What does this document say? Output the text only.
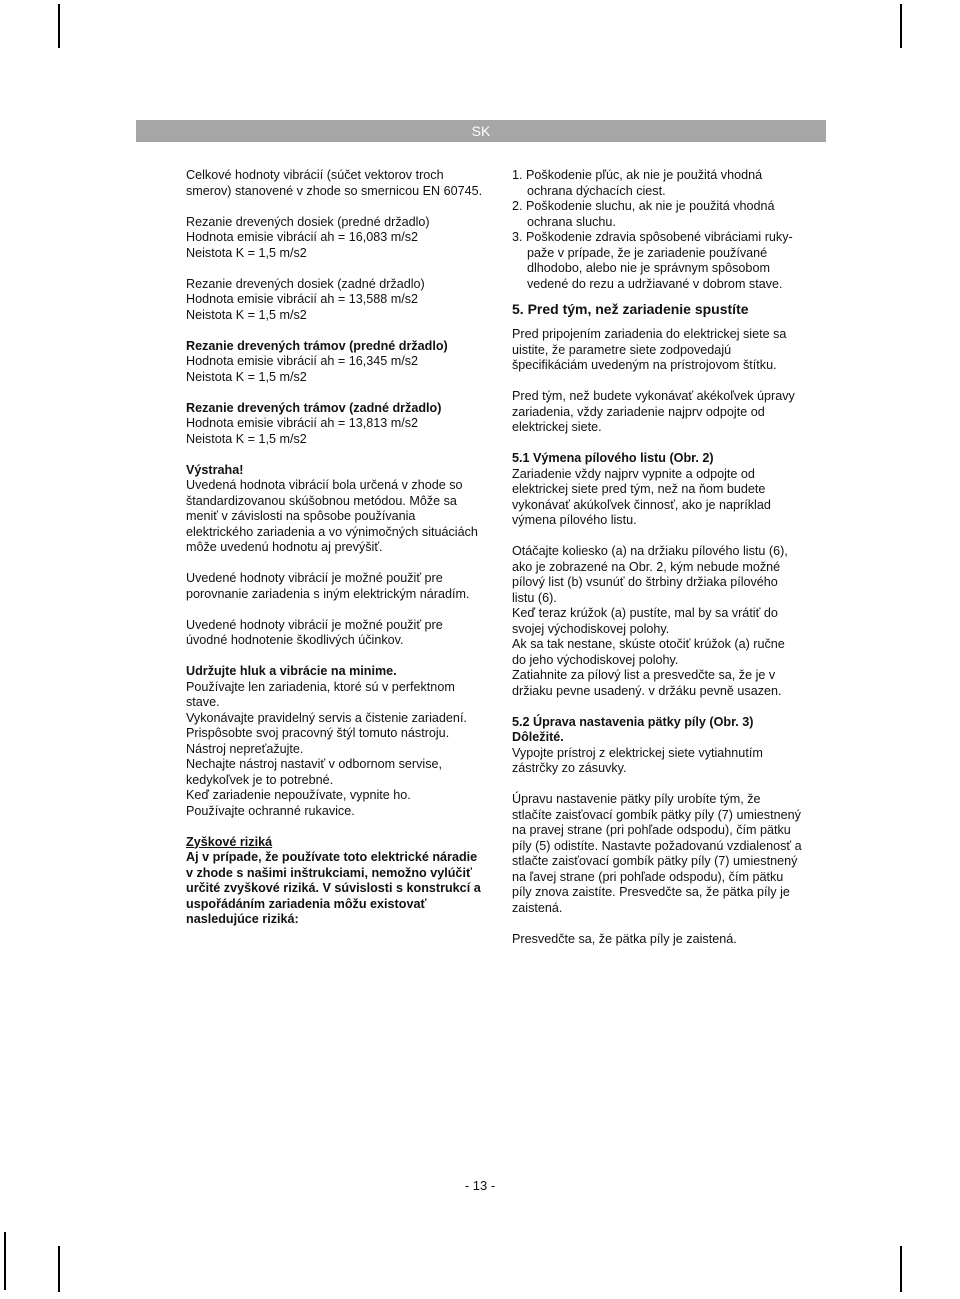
SK

Celkové hodnoty vibrácií (súčet vektorov troch smerov) stanovené v zhode so smernicou EN 60745.

Rezanie drevených dosiek (predné držadlo)

Hodnota emisie vibrácií ah = 16,083 m/s2

Neistota K = 1,5 m/s2

Rezanie drevených dosiek (zadné držadlo)

Hodnota emisie vibrácií ah = 13,588 m/s2

Neistota K = 1,5 m/s2

Rezanie drevených trámov (predné držadlo)

Hodnota emisie vibrácií ah = 16,345 m/s2

Neistota K = 1,5 m/s2

Rezanie drevených trámov (zadné držadlo)

Hodnota emisie vibrácií ah = 13,813 m/s2

Neistota K = 1,5 m/s2

Výstraha!

Uvedená hodnota vibrácií bola určená v zhode so štandardizovanou skúšobnou metódou. Môže sa meniť v závislosti na spôsobe používania elektrického zariadenia a vo výnimočných situáciách môže uvedenú hodnotu aj prevýšiť.

Uvedené hodnoty vibrácií je možné použiť pre porovnanie zariadenia s iným elektrickým náradím.

Uvedené hodnoty vibrácií je možné použiť pre úvodné hodnotenie škodlivých účinkov.

Udržujte hluk a vibrácie na minime.

Používajte len zariadenia, ktoré sú v perfektnom stave.

Vykonávajte pravidelný servis a čistenie zariadení.

Prispôsobte svoj pracovný štýl tomuto nástroju.

Nástroj nepreťažujte.

Nechajte nástroj nastaviť v odbornom servise, kedykoľvek je to potrebné.

Keď zariadenie nepoužívate, vypnite ho.

Používajte ochranné rukavice.

Zyškové riziká

Aj v prípade, že používate toto elektrické náradie v zhode s našimi inštrukciami, nemožno vylúčiť určité zvyškové riziká. V súvislosti s konstrukcí a uspořádáním zariadenia môžu existovať nasledujúce riziká:

1. Poškodenie pľúc, ak nie je použitá vhodná ochrana dýchacích ciest.
2. Poškodenie sluchu, ak nie je použitá vhodná ochrana sluchu.
3. Poškodenie zdravia spôsobené vibráciami ruky-paže v prípade, že je zariadenie používané dlhodobo, alebo nie je správnym spôsobom vedené do rezu a udržiavané v dobrom stave.

5. Pred tým, než zariadenie spustíte

Pred pripojením zariadenia do elektrickej siete sa uistite, že parametre siete zodpovedajú špecifikáciám uvedeným na prístrojovom štítku.

Pred tým, než budete vykonávať akékoľvek úpravy zariadenia, vždy zariadenie najprv odpojte od elektrickej siete.

5.1 Výmena pílového listu (Obr. 2)

Zariadenie vždy najprv vypnite a odpojte od elektrickej siete pred tým, než na ňom budete vykonávať akúkoľvek činnosť, ako je napríklad výmena pílového listu.

Otáčajte koliesko (a) na držiaku pílového listu (6), ako je zobrazené na Obr. 2, kým nebude možné pílový list (b) vsunúť do štrbiny držiaka pílového listu (6).

Keď teraz krúžok (a) pustíte, mal by sa vrátiť do svojej východiskovej polohy.

Ak sa tak nestane, skúste otočiť krúžok (a) ručne do jeho východiskovej polohy.

Zatiahnite za pílový list a presvedčte sa, že je v držiaku pevne usadený. v držáku pevně usazen.

5.2 Úprava nastavenia pätky píly (Obr. 3)

Dôležité.

Vypojte prístroj z elektrickej siete vytiahnutím zástrčky zo zásuvky.

Úpravu nastavenie pätky píly urobíte tým, že stlačíte zaisťovací gombík pätky píly (7) umiestnený na pravej strane (pri pohľade odspodu), čím pätku píly (5) odistíte. Nastavte požadovanú vzdialenosť a stlačte zaisťovací gombík pätky píly (7) umiestnený na ľavej strane (pri pohľade odspodu), čím pätku píly znova zaistíte. Presvedčte sa, že pätka píly je zaistená.

Presvedčte sa, že pätka píly je zaistená.

- 13 -
